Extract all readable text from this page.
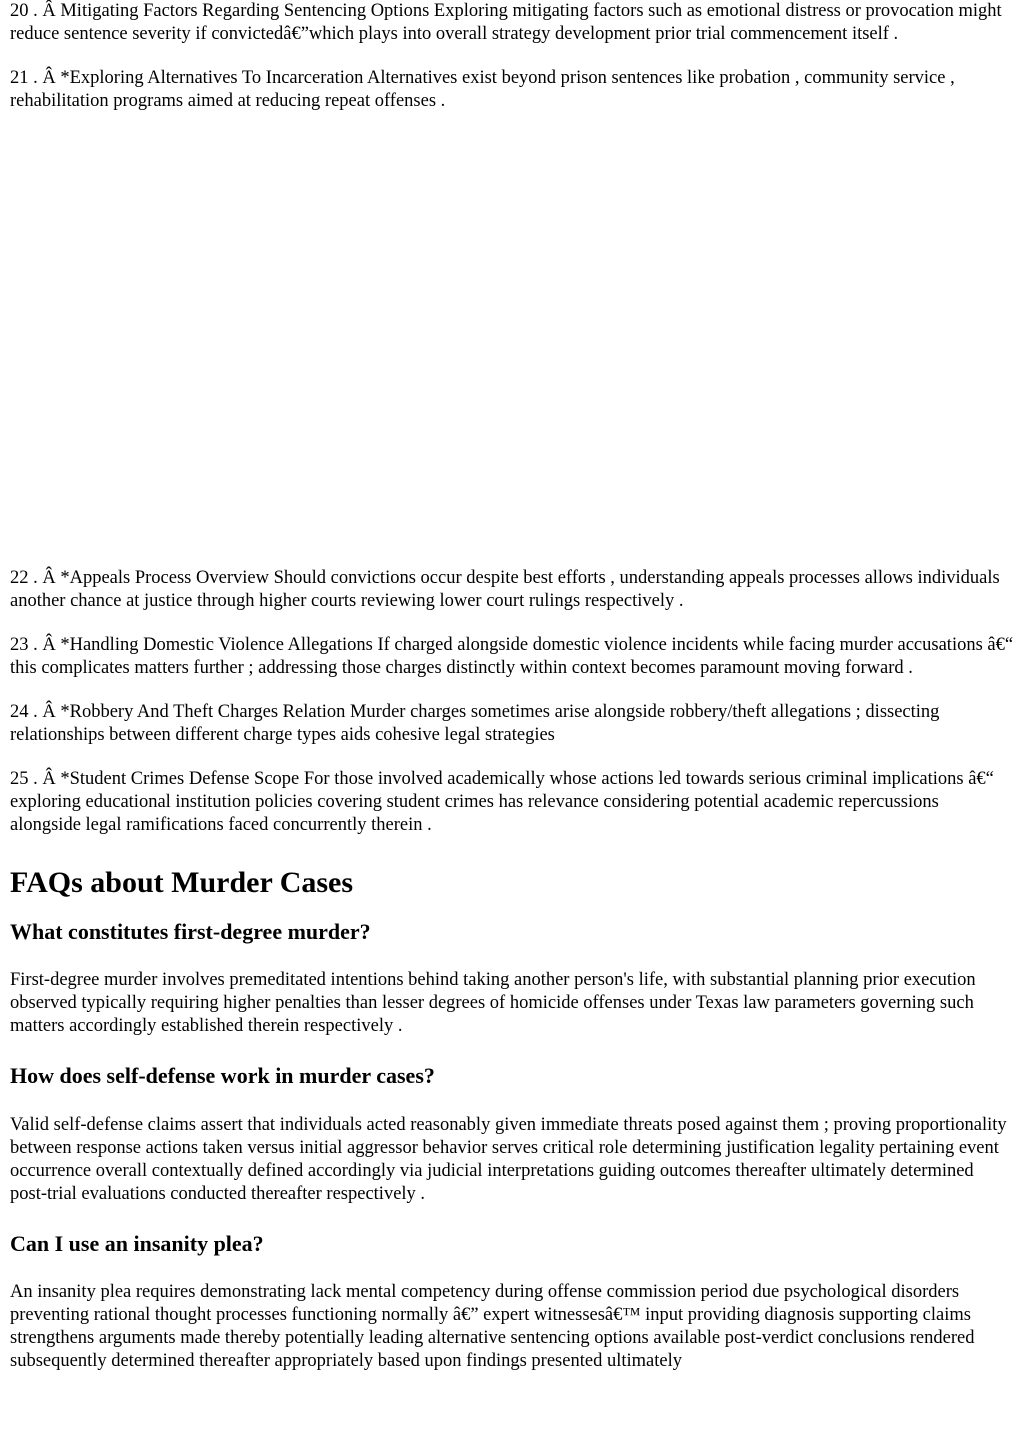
20 . Â Mitigating Factors Regarding Sentencing Options Exploring mitigating factors such as emotional distress or provocation might reduce sentence severity if convictedâ€”which plays into overall strategy development prior trial commencement itself .

21 . Â *Exploring Alternatives To Incarceration Alternatives exist beyond prison sentences like probation , community service , rehabilitation programs aimed at reducing repeat offenses .

22 . Â *Appeals Process Overview Should convictions occur despite best efforts , understanding appeals processes allows individuals another chance at justice through higher courts reviewing lower court rulings respectively .

23 . Â *Handling Domestic Violence Allegations If charged alongside domestic violence incidents while facing murder accusations â€“ this complicates matters further ; addressing those charges distinctly within context becomes paramount moving forward .

24 . Â *Robbery And Theft Charges Relation Murder charges sometimes arise alongside robbery/theft allegations ; dissecting relationships between different charge types aids cohesive legal strategies

25 . Â *Student Crimes Defense Scope For those involved academically whose actions led towards serious criminal implications â€“ exploring educational institution policies covering student crimes has relevance considering potential academic repercussions alongside legal ramifications faced concurrently therein .

FAQs about Murder Cases
What constitutes first-degree murder?

First-degree murder involves premeditated intentions behind taking another person's life, with substantial planning prior execution observed typically requiring higher penalties than lesser degrees of homicide offenses under Texas law parameters governing such matters accordingly established therein respectively .

How does self-defense work in murder cases?

Valid self-defense claims assert that individuals acted reasonably given immediate threats posed against them ; proving proportionality between response actions taken versus initial aggressor behavior serves critical role determining justification legality pertaining event occurrence overall contextually defined accordingly via judicial interpretations guiding outcomes thereafter ultimately determined post-trial evaluations conducted thereafter respectively .

Can I use an insanity plea?

An insanity plea requires demonstrating lack mental competency during offense commission period due psychological disorders preventing rational thought processes functioning normally â€” expert witnessesâ€™ input providing diagnosis supporting claims strengthens arguments made thereby potentially leading alternative sentencing options available post-verdict conclusions rendered subsequently determined thereafter appropriately based upon findings presented ultimately
